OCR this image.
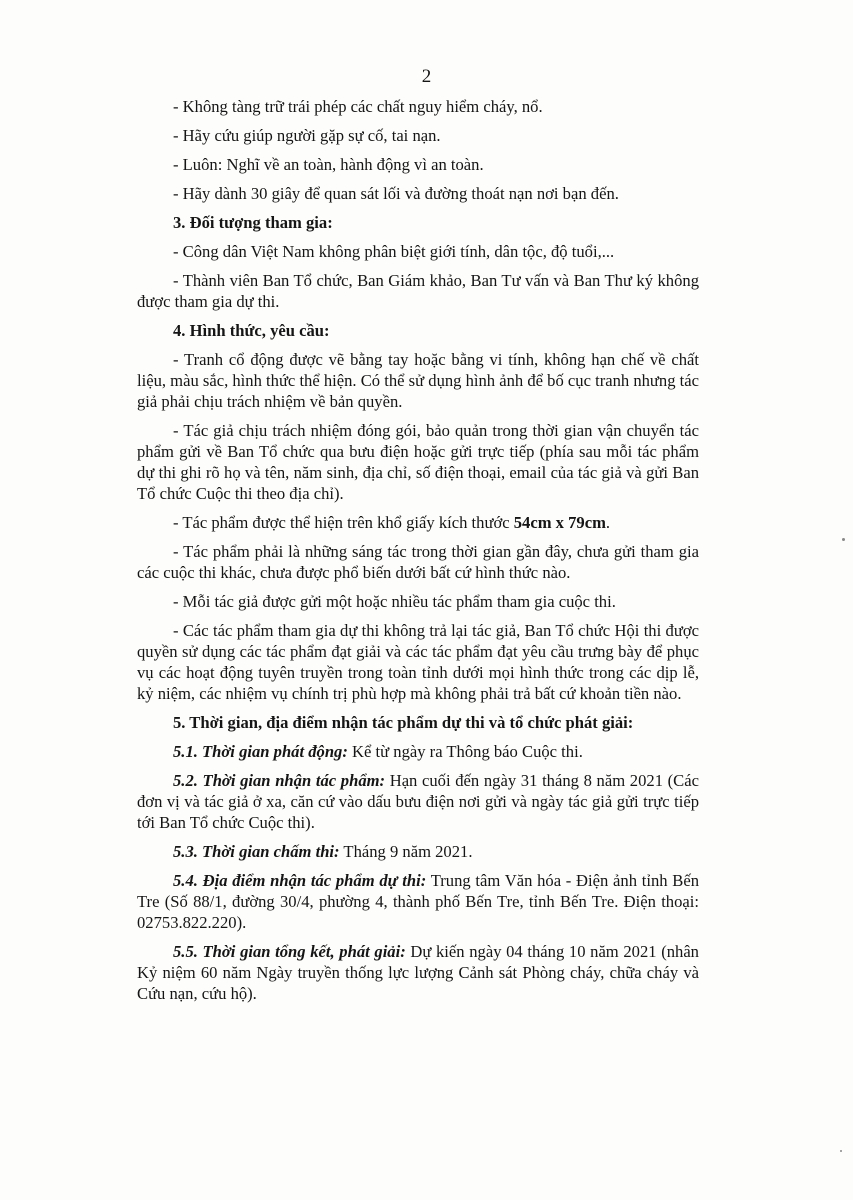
2

- Không tàng trữ trái phép các chất nguy hiểm cháy, nổ.

- Hãy cứu giúp người gặp sự cố, tai nạn.

- Luôn: Nghĩ về an toàn, hành động vì an toàn.

- Hãy dành 30 giây để quan sát lối và đường thoát nạn nơi bạn đến.

3. Đối tượng tham gia:

- Công dân Việt Nam không phân biệt giới tính, dân tộc, độ tuổi,...

- Thành viên Ban Tổ chức, Ban Giám khảo, Ban Tư vấn và Ban Thư ký không được tham gia dự thi.

4. Hình thức, yêu cầu:

- Tranh cổ động được vẽ bằng tay hoặc bằng vi tính, không hạn chế về chất liệu, màu sắc, hình thức thể hiện. Có thể sử dụng hình ảnh để bố cục tranh nhưng tác giả phải chịu trách nhiệm về bản quyền.

- Tác giả chịu trách nhiệm đóng gói, bảo quản trong thời gian vận chuyển tác phẩm gửi về Ban Tổ chức qua bưu điện hoặc gửi trực tiếp (phía sau mỗi tác phẩm dự thi ghi rõ họ và tên, năm sinh, địa chỉ, số điện thoại, email của tác giả và gửi Ban Tổ chức Cuộc thi theo địa chỉ).

- Tác phẩm được thể hiện trên khổ giấy kích thước 54cm x 79cm.

- Tác phẩm phải là những sáng tác trong thời gian gần đây, chưa gửi tham gia các cuộc thi khác, chưa được phổ biến dưới bất cứ hình thức nào.

- Mỗi tác giả được gửi một hoặc nhiều tác phẩm tham gia cuộc thi.

- Các tác phẩm tham gia dự thi không trả lại tác giả, Ban Tổ chức Hội thi được quyền sử dụng các tác phẩm đạt giải và các tác phẩm đạt yêu cầu trưng bày để phục vụ các hoạt động tuyên truyền trong toàn tỉnh dưới mọi hình thức trong các dịp lễ, kỷ niệm, các nhiệm vụ chính trị phù hợp mà không phải trả bất cứ khoản tiền nào.

5. Thời gian, địa điểm nhận tác phẩm dự thi và tổ chức phát giải:

5.1. Thời gian phát động: Kể từ ngày ra Thông báo Cuộc thi.

5.2. Thời gian nhận tác phẩm: Hạn cuối đến ngày 31 tháng 8 năm 2021 (Các đơn vị và tác giả ở xa, căn cứ vào dấu bưu điện nơi gửi và ngày tác giả gửi trực tiếp tới Ban Tổ chức Cuộc thi).

5.3. Thời gian chấm thi: Tháng 9 năm 2021.

5.4. Địa điểm nhận tác phẩm dự thi: Trung tâm Văn hóa - Điện ảnh tỉnh Bến Tre (Số 88/1, đường 30/4, phường 4, thành phố Bến Tre, tỉnh Bến Tre. Điện thoại: 02753.822.220).

5.5. Thời gian tổng kết, phát giải: Dự kiến ngày 04 tháng 10 năm 2021 (nhân Kỷ niệm 60 năm Ngày truyền thống lực lượng Cảnh sát Phòng cháy, chữa cháy và Cứu nạn, cứu hộ).
